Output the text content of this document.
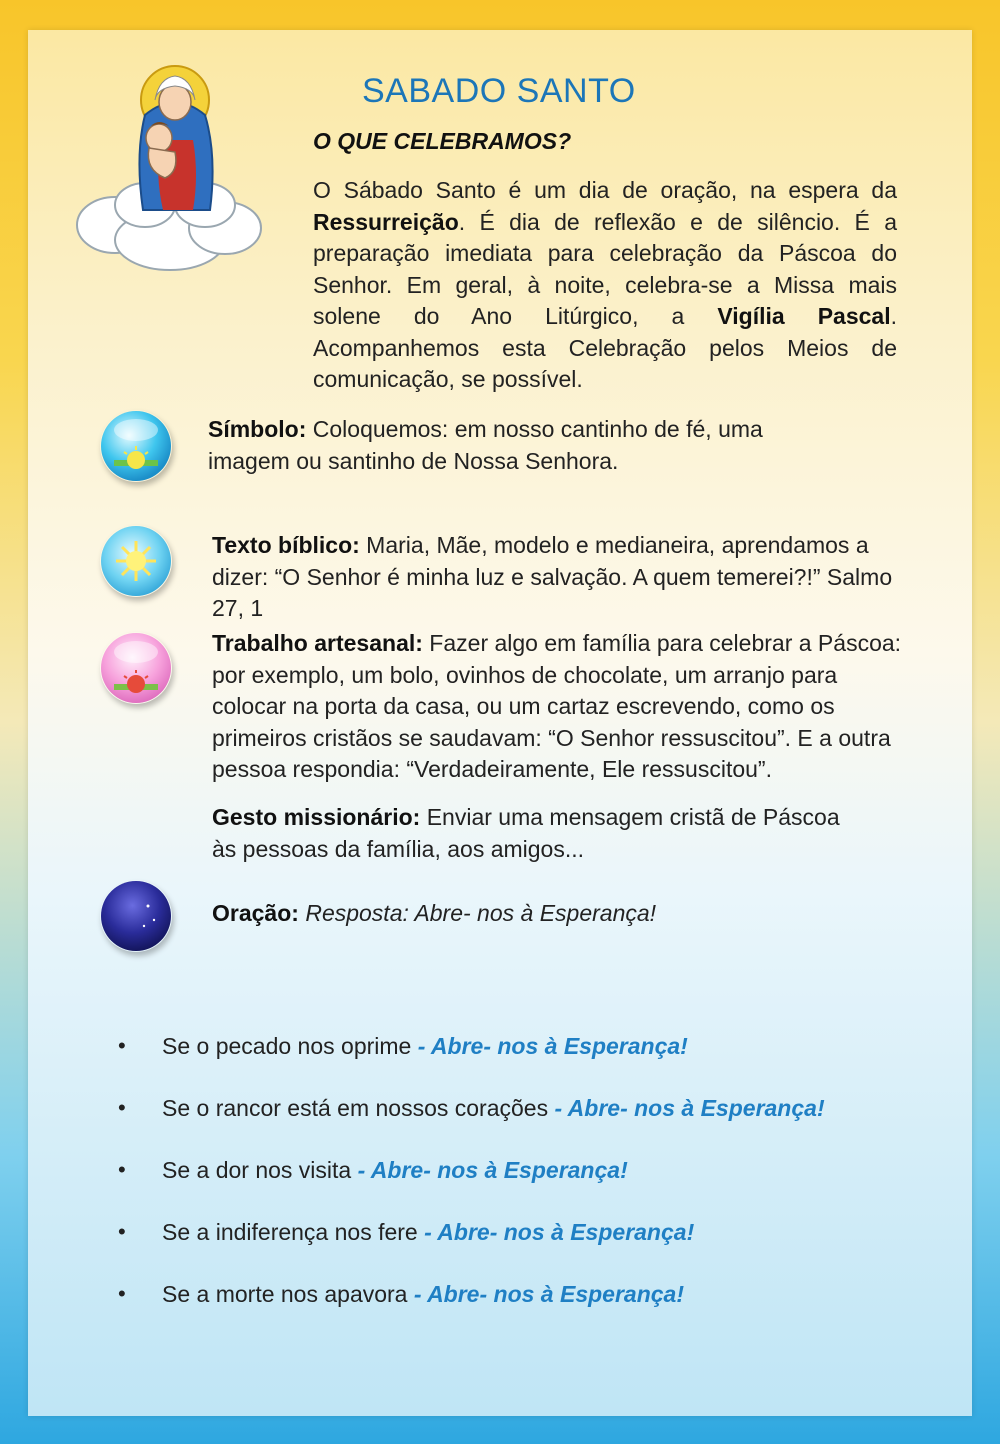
SABADO SANTO
O QUE CELEBRAMOS?
O Sábado Santo é um dia de oração, na espera da Ressurreição. É dia de reflexão e de silêncio. É a preparação imediata para celebração da Páscoa do Senhor. Em geral, à noite, celebra-se a Missa mais solene do Ano Litúrgico, a Vigília Pascal. Acompanhemos esta Celebração pelos Meios de comunicação, se possível.
Símbolo: Coloquemos: em nosso cantinho de fé, uma imagem ou santinho de Nossa Senhora.
Texto bíblico: Maria, Mãe, modelo e medianeira, aprendamos a dizer: “O Senhor é minha luz e salvação. A quem temerei?!” Salmo 27, 1
Trabalho artesanal: Fazer algo em família para celebrar a Páscoa: por exemplo, um bolo, ovinhos de chocolate, um arranjo para colocar na porta da casa, ou um cartaz escrevendo, como os primeiros cristãos se saudavam: “O Senhor ressuscitou”. E a outra pessoa respondia: “Verdadeiramente, Ele ressuscitou”.
Gesto missionário: Enviar uma mensagem cristã de Páscoa às pessoas da família, aos amigos...
Oração: Resposta: Abre- nos à Esperança!
• Se o pecado nos oprime - Abre- nos à Esperança!
• Se o rancor está em nossos corações - Abre- nos à Esperança!
• Se a dor nos visita - Abre- nos à Esperança!
• Se a indiferença nos fere - Abre- nos à Esperança!
• Se a morte nos apavora - Abre- nos à Esperança!
